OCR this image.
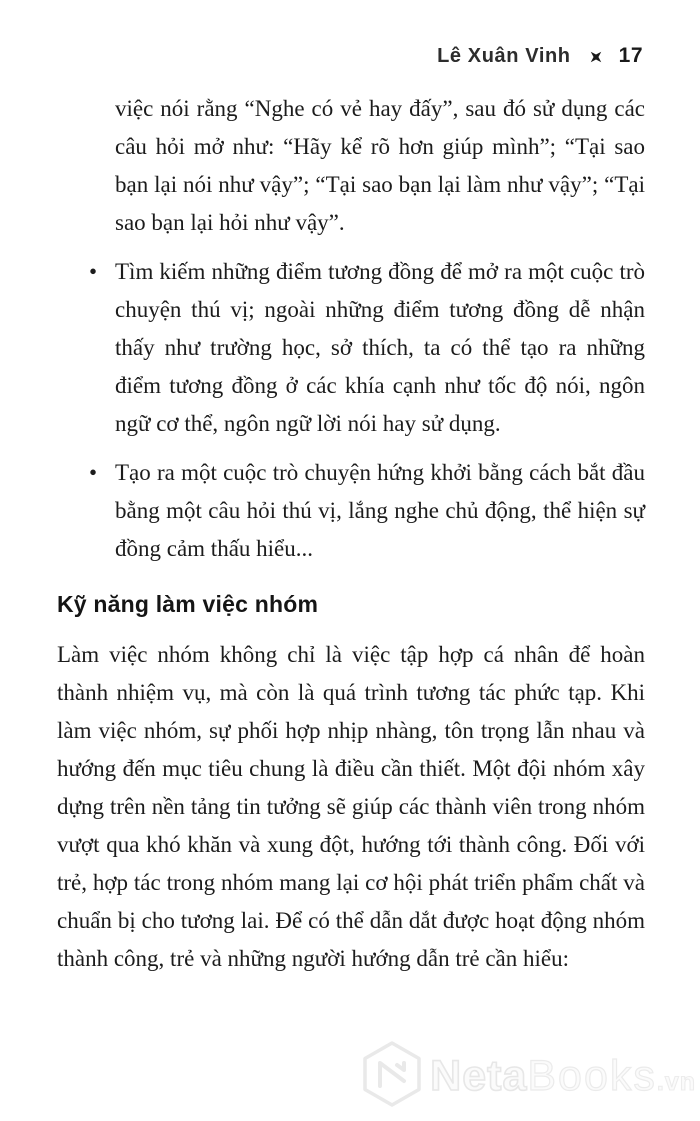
Lê Xuân Vinh 17

việc nói rằng “Nghe có vẻ hay đấy”, sau đó sử dụng các câu hỏi mở như: “Hãy kể rõ hơn giúp mình”; “Tại sao bạn lại nói như vậy”; “Tại sao bạn lại làm như vậy”; “Tại sao bạn lại hỏi như vậy”.

• Tìm kiếm những điểm tương đồng để mở ra một cuộc trò chuyện thú vị; ngoài những điểm tương đồng dễ nhận thấy như trường học, sở thích, ta có thể tạo ra những điểm tương đồng ở các khía cạnh như tốc độ nói, ngôn ngữ cơ thể, ngôn ngữ lời nói hay sử dụng.
• Tạo ra một cuộc trò chuyện hứng khởi bằng cách bắt đầu bằng một câu hỏi thú vị, lắng nghe chủ động, thể hiện sự đồng cảm thấu hiểu...
Kỹ năng làm việc nhóm

Làm việc nhóm không chỉ là việc tập hợp cá nhân để hoàn thành nhiệm vụ, mà còn là quá trình tương tác phức tạp. Khi làm việc nhóm, sự phối hợp nhịp nhàng, tôn trọng lẫn nhau và hướng đến mục tiêu chung là điều cần thiết. Một đội nhóm xây dựng trên nền tảng tin tưởng sẽ giúp các thành viên trong nhóm vượt qua khó khăn và xung đột, hướng tới thành công. Đối với trẻ, hợp tác trong nhóm mang lại cơ hội phát triển phẩm chất và chuẩn bị cho tương lai. Để có thể dẫn dắt được hoạt động nhóm thành công, trẻ và những người hướng dẫn trẻ cần hiểu:

NetaBooks.vn
